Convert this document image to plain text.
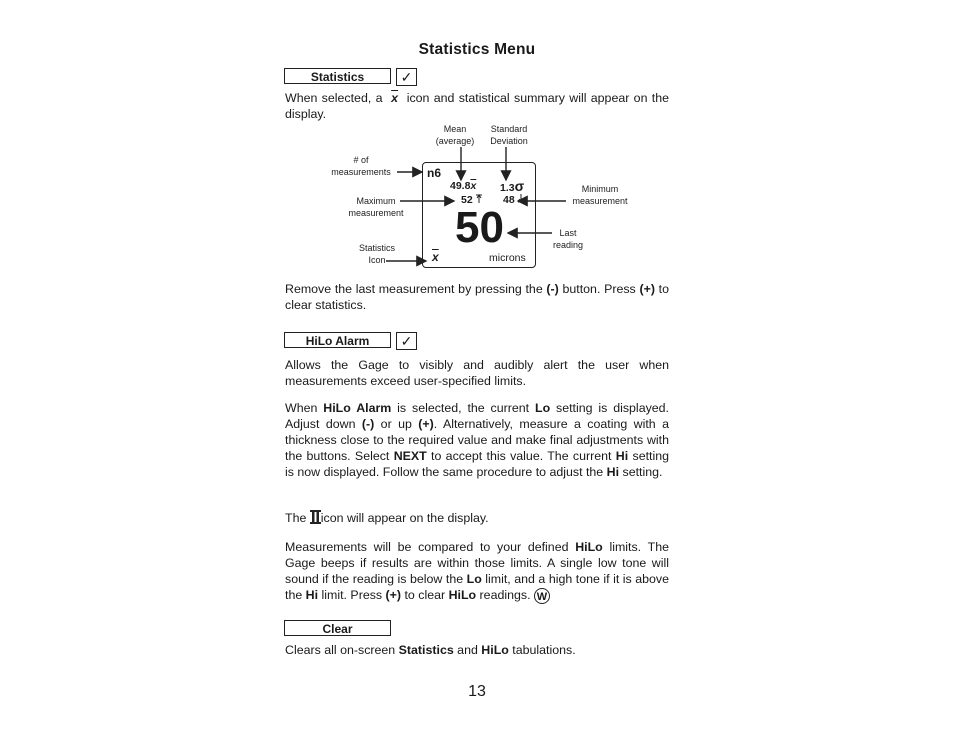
Statistics Menu
Statistics	✓
When selected, a $\overline{x}$ icon and statistical summary will appear on the display.
Mean
(average)
Standard
Deviation
# of
measurements
Maximum
measurement
Minimum
measurement
Last
reading
Statistics
Icon
n6
$49.8\overline{x}$ 1.3σ
52	48
50
$\overline{x}$	microns
Remove the last measurement by pressing the (-) button. Press (+) to clear statistics.
HiLo Alarm	✓
Allows the Gage to visibly and audibly alert the user when measurements exceed user-specified limits.
When HiLo Alarm is selected, the current Lo setting is displayed. Adjust down (-) or up (+). Alternatively, measure a coating with a thickness close to the required value and make final adjustments with the buttons. Select NEXT to accept this value. The current Hi setting is now displayed. Follow the same procedure to adjust the Hi setting.
The icon will appear on the display.
Measurements will be compared to your defined HiLo limits. The Gage beeps if results are within those limits. A single low tone will sound if the reading is below the Lo limit, and a high tone if it is above the Hi limit. Press (+) to clear HiLo readings. W
Clear
Clears all on-screen Statistics and HiLo tabulations.
13
